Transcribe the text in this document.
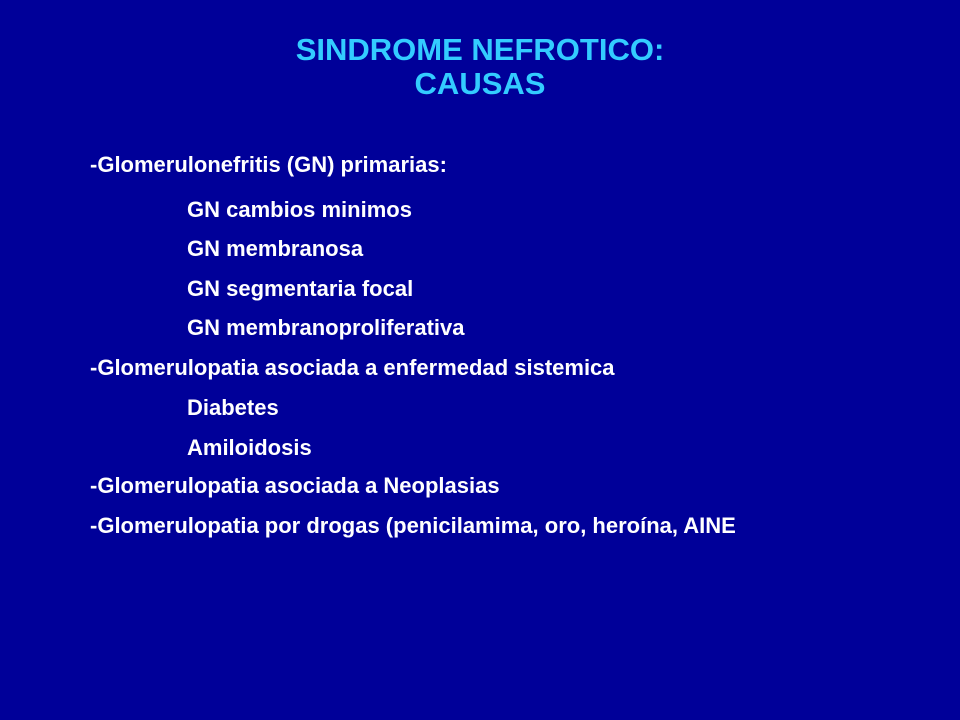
SINDROME NEFROTICO:
CAUSAS
-Glomerulonefritis (GN) primarias:
GN cambios minimos
GN membranosa
GN segmentaria focal
GN membranoproliferativa
-Glomerulopatia asociada a enfermedad sistemica
Diabetes
Amiloidosis
-Glomerulopatia asociada a Neoplasias
-Glomerulopatia por drogas (penicilamima, oro, heroína, AINE
